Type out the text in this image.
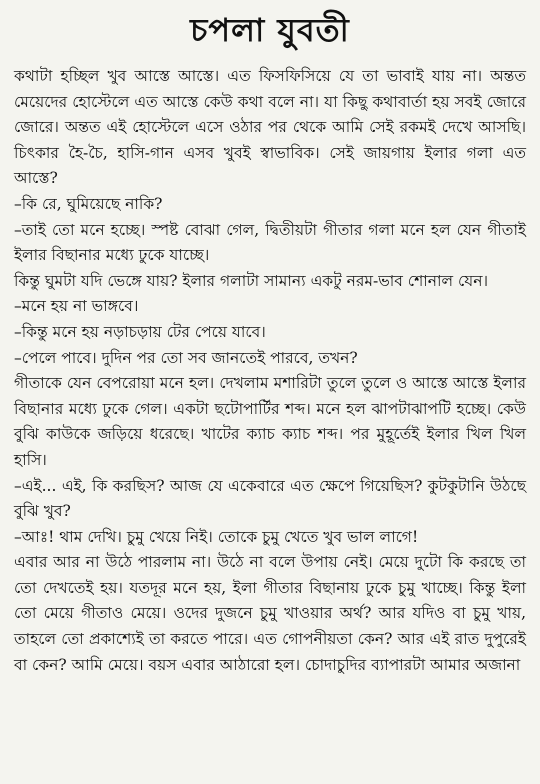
চপলা যুবতী

কথাটা হচ্ছিল খুব আস্তে আস্তে। এত ফিসফিসিয়ে যে তা ভাবাই যায় না। অন্তত মেয়েদের হোস্টেলে এত আস্তে কেউ কথা বলে না। যা কিছু কথাবার্তা হয় সবই জোরে জোরে। অন্তত এই হোস্টেলে এসে ওঠার পর থেকে আমি সেই রকমই দেখে আসছি। চিৎকার হৈ-চৈ, হাসি-গান এসব খুবই স্বাভাবিক। সেই জায়গায় ইলার গলা এত আস্তে?

–কি রে, ঘুমিয়েছে নাকি?

–তাই তো মনে হচ্ছে। স্পষ্ট বোঝা গেল, দ্বিতীয়টা গীতার গলা মনে হল যেন গীতাই ইলার বিছানার মধ্যে ঢুকে যাচ্ছে।

কিন্তু ঘুমটা যদি ভেঙ্গে যায়? ইলার গলাটা সামান্য একটু নরম-ভাব শোনাল যেন।

–মনে হয় না ভাঙ্গবে।

–কিন্তু মনে হয় নড়াচড়ায় টের পেয়ে যাবে।

–পেলে পাবে। দুদিন পর তো সব জানতেই পারবে, তখন?

গীতাকে যেন বেপরোয়া মনে হল। দেখলাম মশারিটা তুলে তুলে ও আস্তে আস্তে ইলার বিছানার মধ্যে ঢুকে গেল। একটা ছটোপার্টির শব্দ। মনে হল ঝাপটাঝাপটি হচ্ছে। কেউ বুঝি কাউকে জড়িয়ে ধরেছে। খাটের ক্যাচ ক্যাচ শব্দ। পর মুহূর্তেই ইলার খিল খিল হাসি।

–এই... এই, কি করছিস? আজ যে একেবারে এত ক্ষেপে গিয়েছিস? কুটকুটানি উঠছে বুঝি খুব?

–আঃ! থাম দেখি। চুমু খেয়ে নিই। তোকে চুমু খেতে খুব ভাল লাগে!

এবার আর না উঠে পারলাম না। উঠে না বলে উপায় নেই। মেয়ে দুটো কি করছে তা তো দেখতেই হয়। যতদূর মনে হয়, ইলা গীতার বিছানায় ঢুকে চুমু খাচ্ছে। কিন্তু ইলা তো মেয়ে গীতাও মেয়ে। ওদের দুজনে চুমু খাওয়ার অর্থ? আর যদিও বা চুমু খায়, তাহলে তো প্রকাশ্যেই তা করতে পারে। এত গোপনীয়তা কেন? আর এই রাত দুপুরেই বা কেন? আমি মেয়ে। বয়স এবার আঠারো হল। চোদাচুদির ব্যাপারটা আমার অজানা
